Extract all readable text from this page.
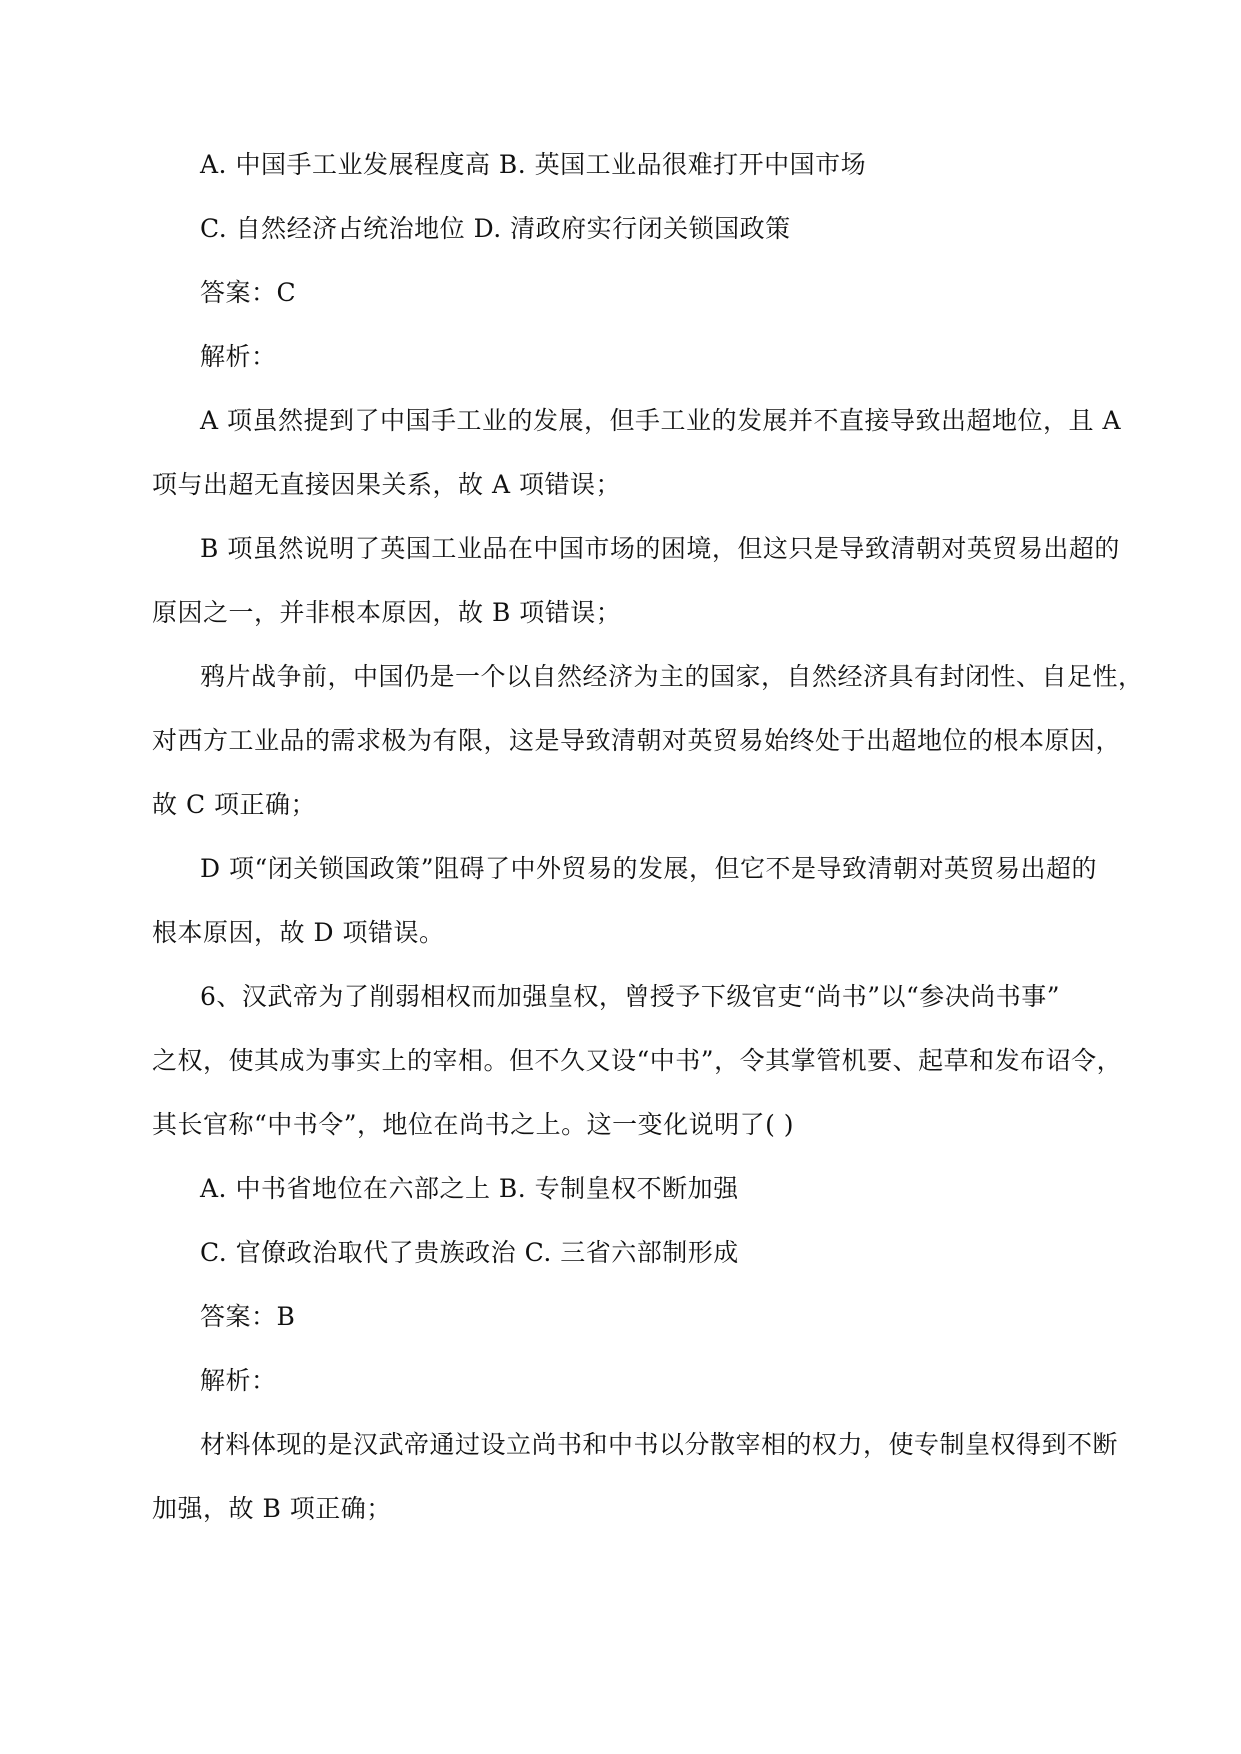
A. 中国手工业发展程度高 B. 英国工业品很难打开中国市场
C. 自然经济占统治地位 D. 清政府实行闭关锁国政策
答案：C
解析：
A 项虽然提到了中国手工业的发展，但手工业的发展并不直接导致出超地位，且 A
项与出超无直接因果关系，故 A 项错误；
B 项虽然说明了英国工业品在中国市场的困境，但这只是导致清朝对英贸易出超的
原因之一，并非根本原因，故 B 项错误；
鸦片战争前，中国仍是一个以自然经济为主的国家，自然经济具有封闭性、自足性，
对西方工业品的需求极为有限，这是导致清朝对英贸易始终处于出超地位的根本原因，
故 C 项正确；
D 项“闭关锁国政策”阻碍了中外贸易的发展，但它不是导致清朝对英贸易出超的
根本原因，故 D 项错误。
6、汉武帝为了削弱相权而加强皇权，曾授予下级官吏“尚书”以“参决尚书事”
之权，使其成为事实上的宰相。但不久又设“中书”，令其掌管机要、起草和发布诏令，
其长官称“中书令”，地位在尚书之上。这一变化说明了( )
A. 中书省地位在六部之上 B. 专制皇权不断加强
C. 官僚政治取代了贵族政治 C. 三省六部制形成
答案：B
解析：
材料体现的是汉武帝通过设立尚书和中书以分散宰相的权力，使专制皇权得到不断
加强，故 B 项正确；
